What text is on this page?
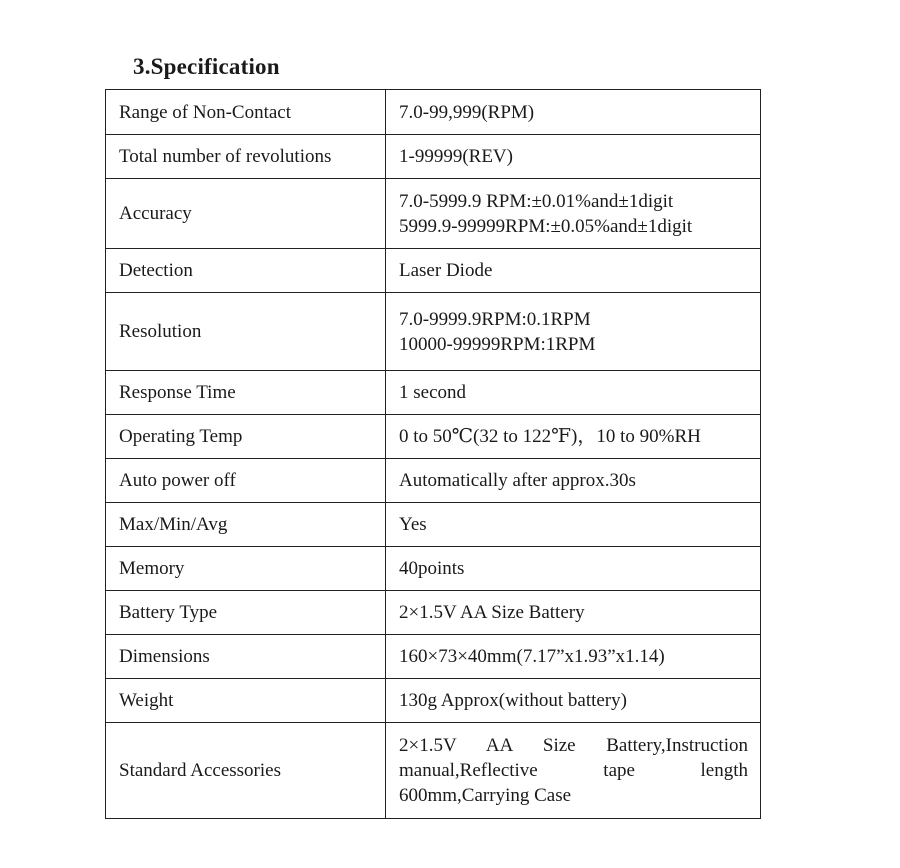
3.Specification
Range of Non-Contact	7.0-99,999(RPM)

Total number of revolutions	1-99999(REV)

Accuracy	7.0-5999.9 RPM:±0.01%and±1digit
5999.9-99999RPM:±0.05%and±1digit

Detection	Laser Diode

Resolution	7.0-9999.9RPM:0.1RPM
10000-99999RPM:1RPM

Response Time	1 second

Operating Temp	0 to 50℃(32 to 122℉)，10 to 90%RH

Auto power off	Automatically after approx.30s

Max/Min/Avg	Yes

Memory	40points

Battery Type	2×1.5V AA Size Battery

Dimensions	160×73×40mm(7.17”x1.93”x1.14)

Weight	130g Approx(without battery)

Standard Accessories	2×1.5V AA Size Battery,Instruction manual,Reflective tape length 600mm,Carrying Case
